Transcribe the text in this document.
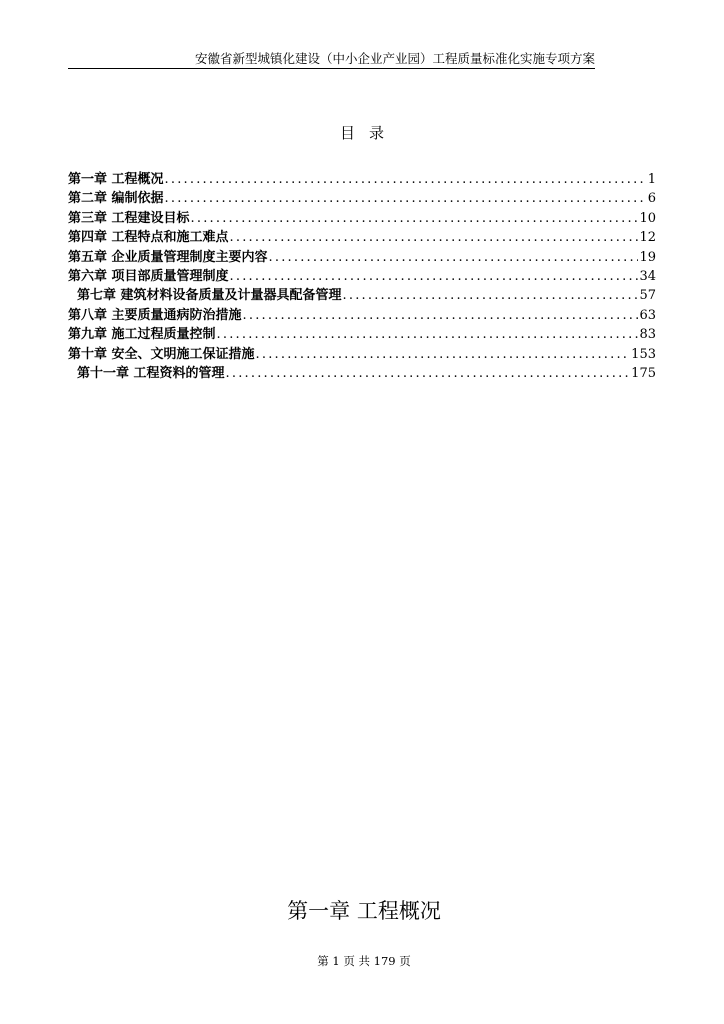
安徽省新型城镇化建设（中小企业产业园）工程质量标准化实施专项方案
目录
第一章 工程概况 .....	1
第二章 编制依据 .....	6
第三章 工程建设目标 .....	10
第四章 工程特点和施工难点 .....	12
第五章 企业质量管理制度主要内容 .....	19
第六章 项目部质量管理制度 .....	34
第七章 建筑材料设备质量及计量器具配备管理 .....	57
第八章 主要质量通病防治措施 .....	63
第九章 施工过程质量控制 .....	83
第十章 安全、文明施工保证措施 .....	153
第十一章 工程资料的管理 .....	175
第一章 工程概况
第 1 页 共 179 页
